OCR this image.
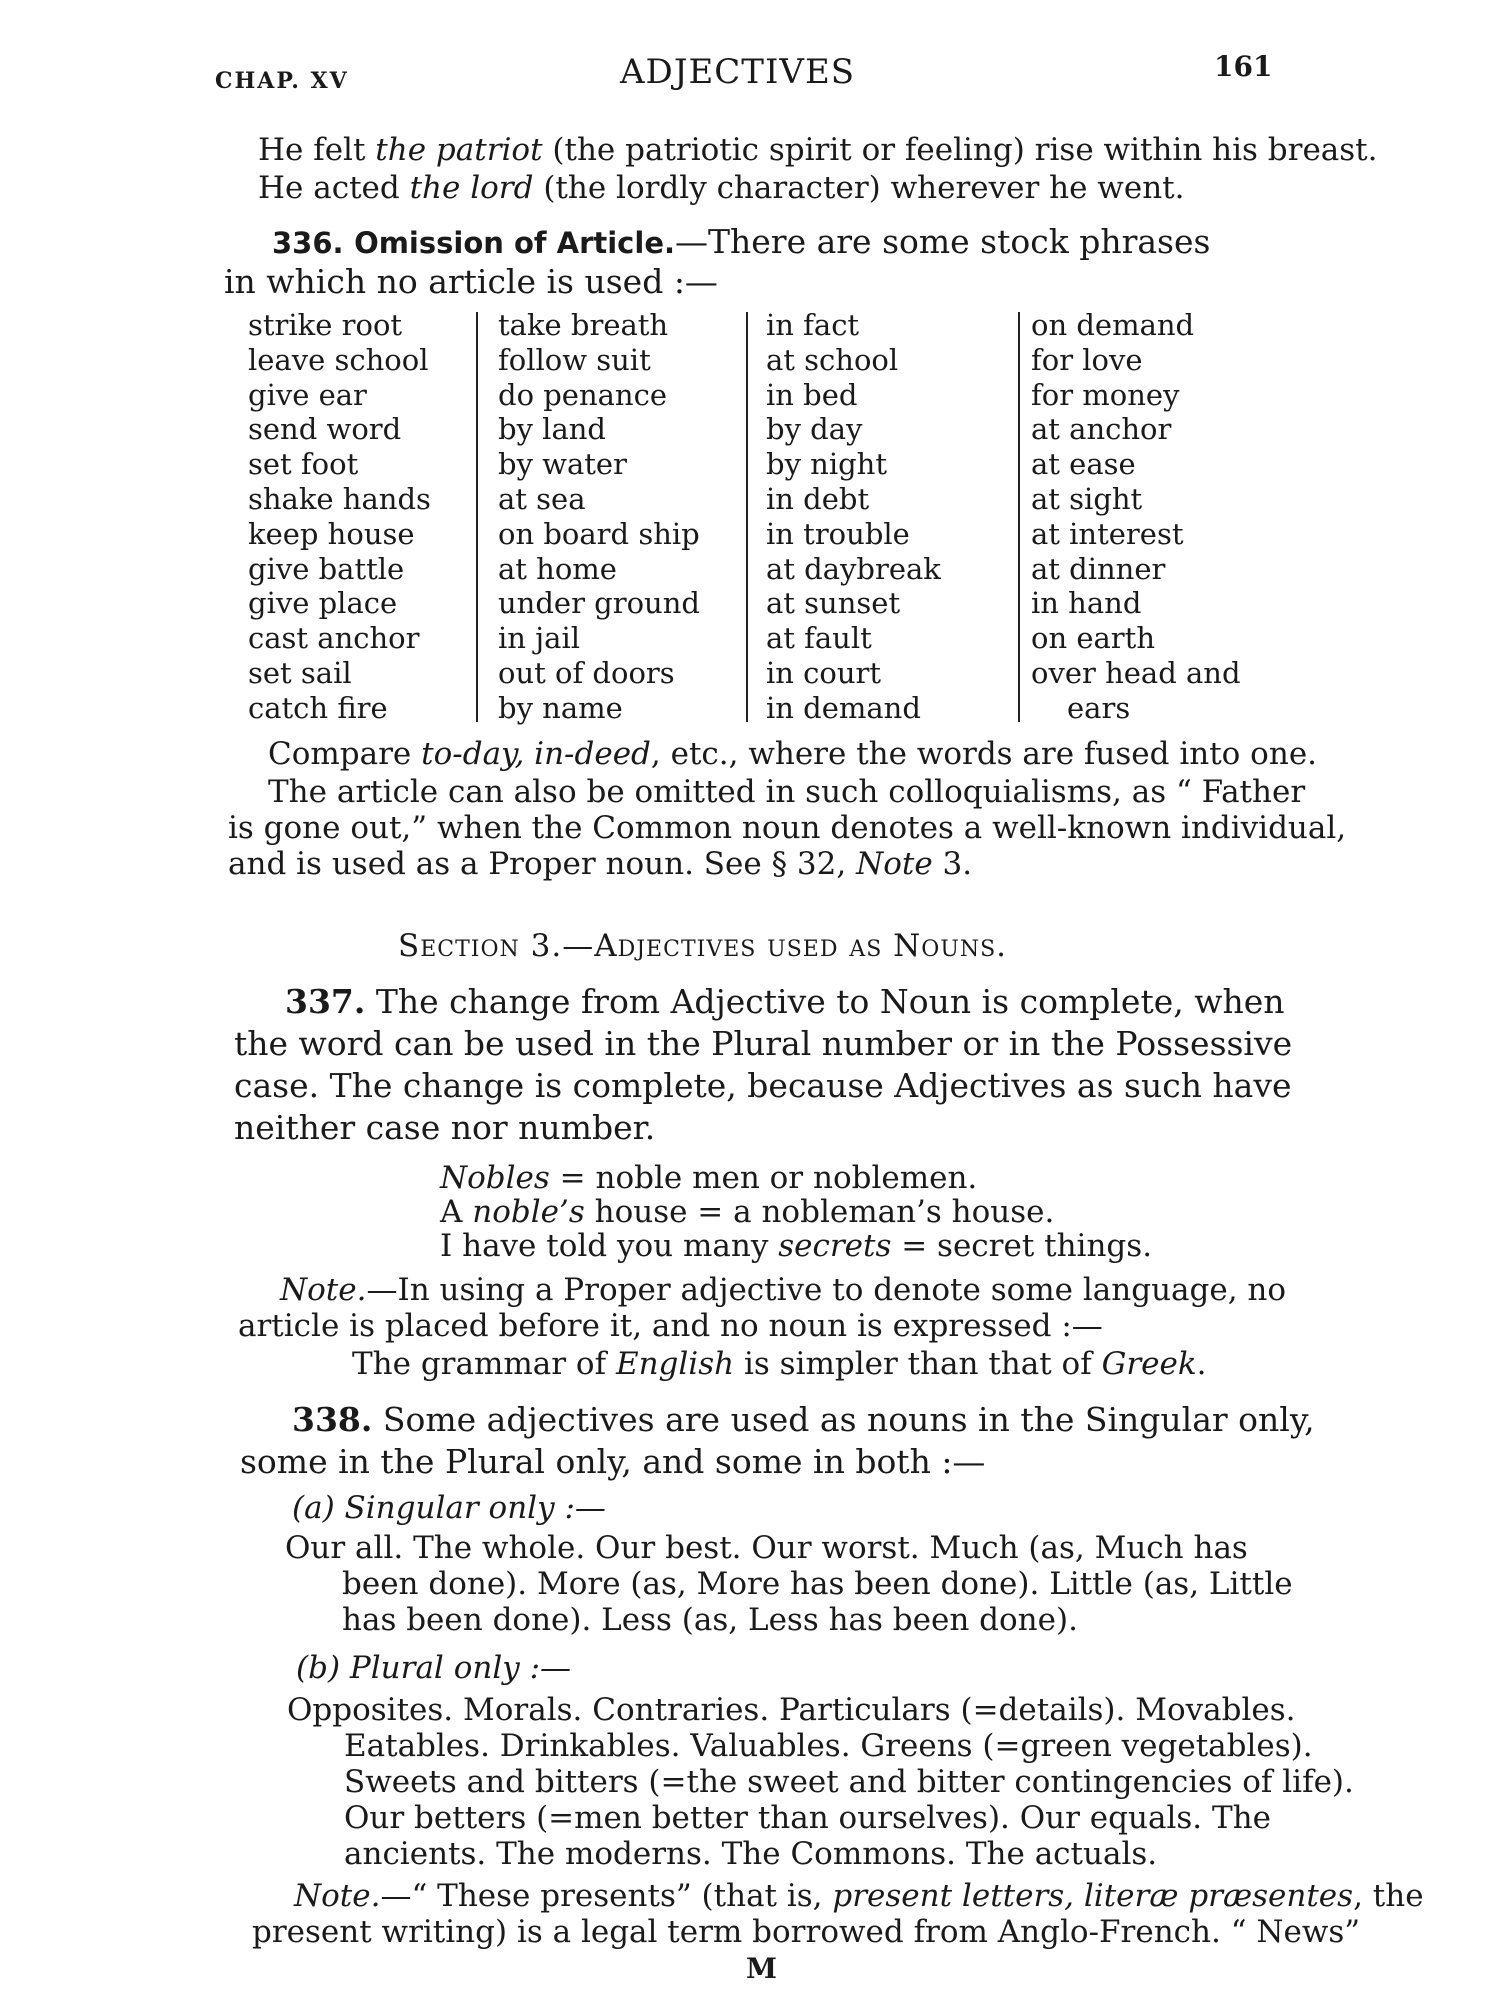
CHAP. XV	ADJECTIVES	161
He felt the patriot (the patriotic spirit or feeling) rise within his breast.
He acted the lord (the lordly character) wherever he went.
336. Omission of Article.—There are some stock phrases
in which no article is used :—
strike root
leave school
give ear
send word
set foot
shake hands
keep house
give battle
give place
cast anchor
set sail
catch fire
take breath
follow suit
do penance
by land
by water
at sea
on board ship
at home
under ground
in jail
out of doors
by name
in fact
at school
in bed
by day
by night
in debt
in trouble
at daybreak
at sunset
at fault
in court
in demand
on demand
for love
for money
at anchor
at ease
at sight
at interest
at dinner
in hand
on earth
over head and
ears
Compare to-day, in-deed, etc., where the words are fused into one.
The article can also be omitted in such colloquialisms, as “ Father
is gone out,” when the Common noun denotes a well-known individual,
and is used as a Proper noun. See § 32, Note 3.
Section 3.—Adjectives used as Nouns.
337. The change from Adjective to Noun is complete, when
the word can be used in the Plural number or in the Possessive
case. The change is complete, because Adjectives as such have
neither case nor number.
Nobles = noble men or noblemen.
A noble’s house = a nobleman’s house.
I have told you many secrets = secret things.
Note.—In using a Proper adjective to denote some language, no
article is placed before it, and no noun is expressed :—
The grammar of English is simpler than that of Greek.
338. Some adjectives are used as nouns in the Singular only,
some in the Plural only, and some in both :—
(a) Singular only :—
Our all. The whole. Our best. Our worst. Much (as, Much has
been done). More (as, More has been done). Little (as, Little
has been done). Less (as, Less has been done).
(b) Plural only :—
Opposites. Morals. Contraries. Particulars (=details). Movables.
Eatables. Drinkables. Valuables. Greens (=green vegetables).
Sweets and bitters (=the sweet and bitter contingencies of life).
Our betters (=men better than ourselves). Our equals. The
ancients. The moderns. The Commons. The actuals.
Note.—“ These presents” (that is, present letters, literæ præsentes, the
present writing) is a legal term borrowed from Anglo-French. “ News”
M
